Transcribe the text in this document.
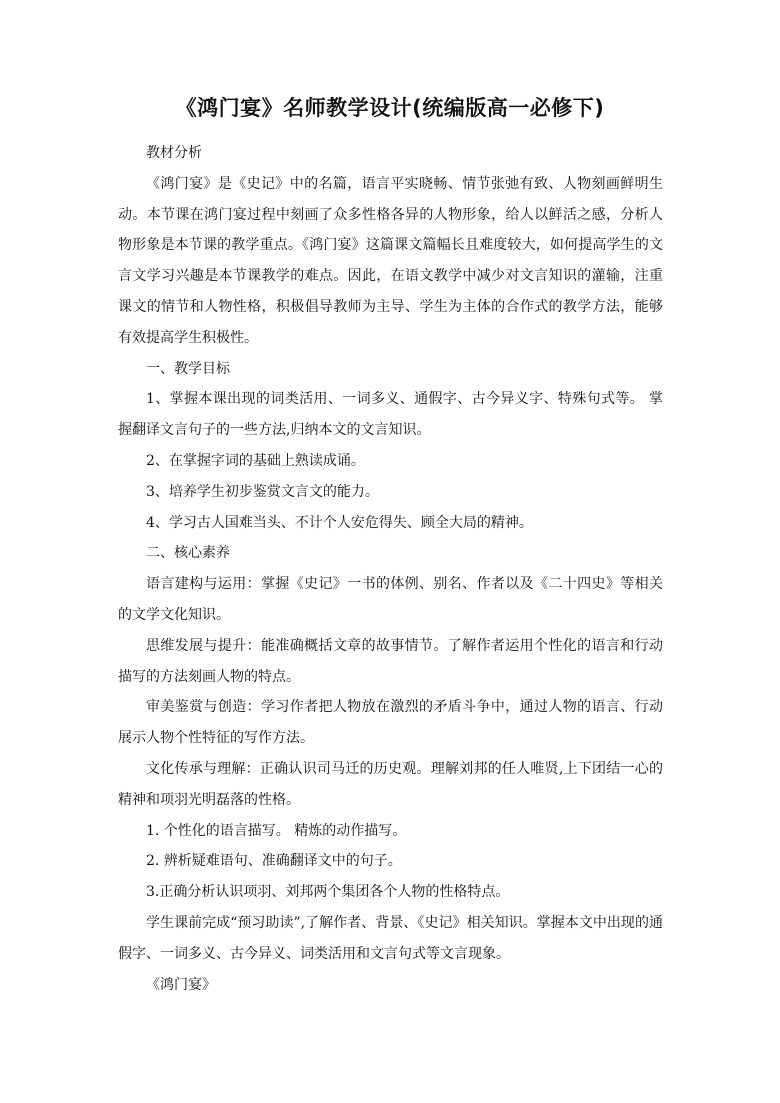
《鸿门宴》名师教学设计(统编版高一必修下)

教材分析

《鸿门宴》是《史记》中的名篇，语言平实晓畅、情节张弛有致、人物刻画鲜明生动。本节课在鸿门宴过程中刻画了众多性格各异的人物形象，给人以鲜活之感，分析人物形象是本节课的教学重点。《鸿门宴》这篇课文篇幅长且难度较大，如何提高学生的文言文学习兴趣是本节课教学的难点。因此，在语文教学中减少对文言知识的灌输，注重课文的情节和人物性格，积极倡导教师为主导、学生为主体的合作式的教学方法，能够有效提高学生积极性。

一、教学目标

1、掌握本课出现的词类活用、一词多义、通假字、古今异义字、特殊句式等。 掌握翻译文言句子的一些方法,归纳本文的文言知识。

2、在掌握字词的基础上熟读成诵。

3、培养学生初步鉴赏文言文的能力。

4、学习古人国难当头、不计个人安危得失、顾全大局的精神。

二、核心素养

语言建构与运用：掌握《史记》一书的体例、别名、作者以及《二十四史》等相关的文学文化知识。

思维发展与提升：能准确概括文章的故事情节。了解作者运用个性化的语言和行动描写的方法刻画人物的特点。

审美鉴赏与创造：学习作者把人物放在激烈的矛盾斗争中，通过人物的语言、行动展示人物个性特征的写作方法。

文化传承与理解：正确认识司马迁的历史观。理解刘邦的任人唯贤,上下团结一心的精神和项羽光明磊落的性格。

1. 个性化的语言描写。 精炼的动作描写。

2. 辨析疑难语句、准确翻译文中的句子。

3.正确分析认识项羽、刘邦两个集团各个人物的性格特点。

学生课前完成“预习助读”,了解作者、背景、《史记》相关知识。掌握本文中出现的通假字、一词多义、古今异义、词类活用和文言句式等文言现象。

《鸿门宴》
